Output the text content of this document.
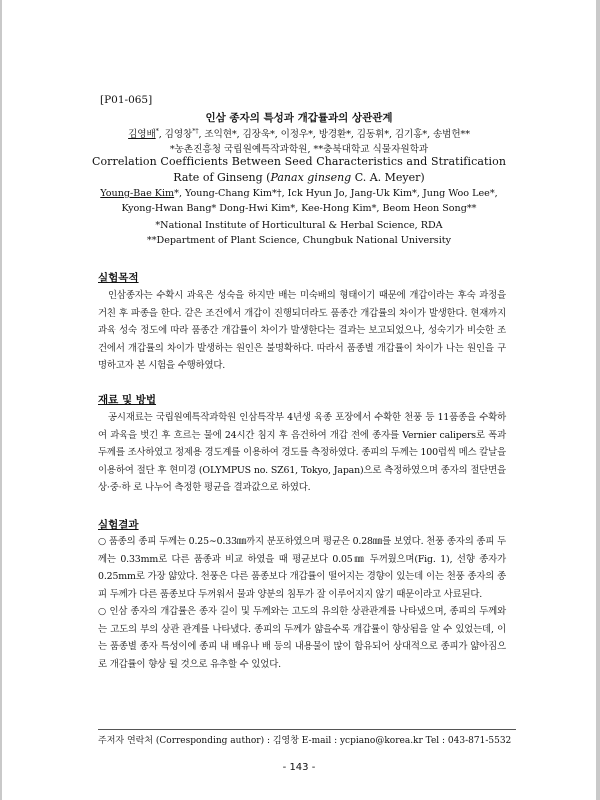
[P01-065]
인삼 종자의 특성과 개갑률과의 상관관계
김영배*, 김영창*†, 조익현*, 김장욱*, 이정우*, 방경환*, 김동휘*, 김기홍*, 송범헌**
*농촌진흥청 국립원예특작과학원, **충북대학교 식물자원학과
Correlation Coefficients Between Seed Characteristics and Stratification
Rate of Ginseng (Panax ginseng C. A. Meyer)
Young-Bae Kim*, Young-Chang Kim*†, Ick Hyun Jo, Jang-Uk Kim*, Jung Woo Lee*,
Kyong-Hwan Bang* Dong-Hwi Kim*, Kee-Hong Kim*, Beom Heon Song**
*National Institute of Horticultural & Herbal Science, RDA
**Department of Plant Science, Chungbuk National University
실험목적

인삼종자는 수확시 과육은 성숙을 하지만 배는 미숙배의 형태이기 때문에 개갑이라는 후숙 과정을 거친 후 파종을 한다. 같은 조건에서 개갑이 진행되더라도 품종간 개갑률의 차이가 발생한다. 현재까지 과육 성숙 정도에 따라 품종간 개갑률이 차이가 발생한다는 결과는 보고되었으나, 성숙기가 비슷한 조건에서 개갑률의 차이가 발생하는 원인은 불명확하다. 따라서 품종별 개갑률이 차이가 나는 원인을 구명하고자 본 시험을 수행하였다.

재료 및 방법

공시재료는 국립원예특작과학원 인삼특작부 4년생 육종 포장에서 수확한 천풍 등 11품종을 수확하여 과육을 벗긴 후 흐르는 물에 24시간 침지 후 음건하여 개갑 전에 종자를 Vernier calipers로 폭과 두께를 조사하였고 정제용 경도계를 이용하여 경도를 측정하였다. 종피의 두께는 100럽씩 메스 칼날을 이용하여 절단 후 현미경 (OLYMPUS no. SZ61, Tokyo, Japan)으로 측정하였으며 종자의 절단면을 상·중·하 로 나누어 측정한 평균을 결과값으로 하였다.

실험결과

○ 품종의 종피 두께는 0.25∼0.33㎜까지 분포하였으며 평균은 0.28㎜를 보였다. 천풍 종자의 종피 두께는 0.33mm로 다른 품종과 비교 하였을 때 평균보다 0.05㎜ 두꺼웠으며(Fig. 1), 선향 종자가 0.25mm로 가장 얇았다. 천풍은 다른 품종보다 개갑률이 떨어지는 경향이 있는데 이는 천풍 종자의 종피 두께가 다른 품종보다 두꺼워서 물과 양분의 침투가 잘 이루어지지 않기 때문이라고 사료된다.

○ 인삼 종자의 개갑률은 종자 길이 및 두께와는 고도의 유의한 상관관계를 나타냈으며, 종피의 두께와는 고도의 부의 상관 관계를 나타냈다. 종피의 두께가 얇을수록 개갑률이 향상됨을 알 수 있었는데, 이는 품종별 종자 특성이에 종피 내 배유나 배 등의 내용물이 많이 함유되어 상대적으로 종피가 얇아짐으로 개갑률이 향상 될 것으로 유추할 수 있었다.

주저자 연락처 (Corresponding author) : 김영창 E-mail : ycpiano@korea.kr Tel : 043-871-5532
- 143 -
